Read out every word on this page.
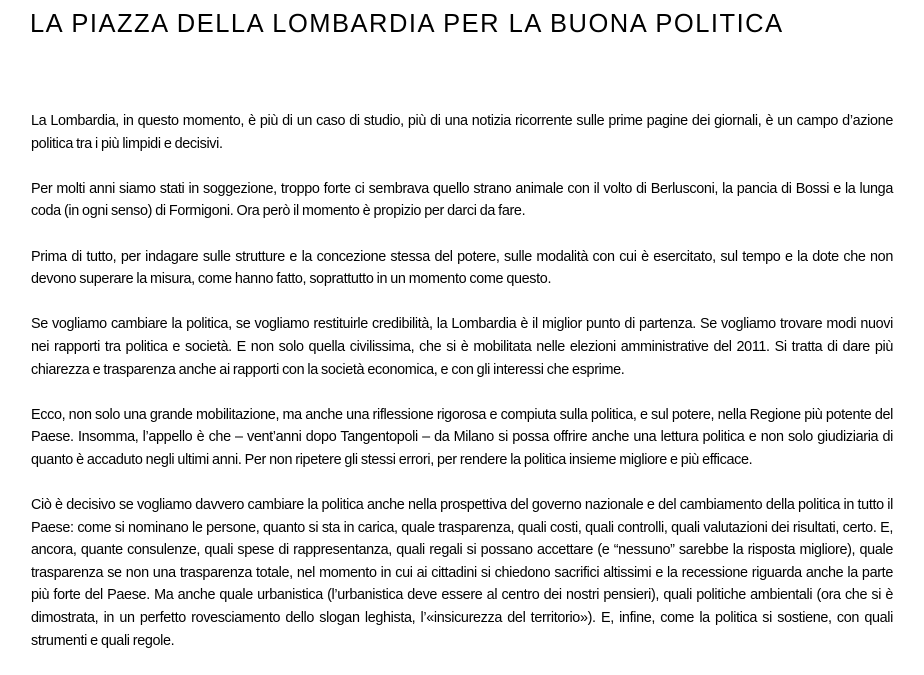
LA PIAZZA DELLA LOMBARDIA PER LA BUONA POLITICA

La Lombardia, in questo momento, è più di un caso di studio, più di una notizia ricorrente sulle prime pagine dei giornali, è un campo d’azione politica tra i più limpidi e decisivi.

Per molti anni siamo stati in soggezione, troppo forte ci sembrava quello strano animale con il volto di Berlusconi, la pancia di Bossi e la lunga coda (in ogni senso) di Formigoni. Ora però il momento è propizio per darci da fare.

Prima di tutto, per indagare sulle strutture e la concezione stessa del potere, sulle modalità con cui è esercitato, sul tempo e la dote che non devono superare la misura, come hanno fatto, soprattutto in un momento come questo.

Se vogliamo cambiare la politica, se vogliamo restituirle credibilità, la Lombardia è il miglior punto di partenza. Se vogliamo trovare modi nuovi nei rapporti tra politica e società. E non solo quella civilissima, che si è mobilitata nelle elezioni amministrative del 2011. Si tratta di dare più chiarezza e trasparenza anche ai rapporti con la società economica, e con gli interessi che esprime.

Ecco, non solo una grande mobilitazione, ma anche una riflessione rigorosa e compiuta sulla politica, e sul potere, nella Regione più potente del Paese. Insomma, l’appello è che – vent’anni dopo Tangentopoli – da Milano si possa offrire anche una lettura politica e non solo giudiziaria di quanto è accaduto negli ultimi anni. Per non ripetere gli stessi errori, per rendere la politica insieme migliore e più efficace.

Ciò è decisivo se vogliamo davvero cambiare la politica anche nella prospettiva del governo nazionale e del cambiamento della politica in tutto il Paese: come si nominano le persone, quanto si sta in carica, quale trasparenza, quali costi, quali controlli, quali valutazioni dei risultati, certo. E, ancora, quante consulenze, quali spese di rappresentanza, quali regali si possano accettare (e “nessuno” sarebbe la risposta migliore), quale trasparenza se non una trasparenza totale, nel momento in cui ai cittadini si chiedono sacrifici altissimi e la recessione riguarda anche la parte più forte del Paese. Ma anche quale urbanistica (l’urbanistica deve essere al centro dei nostri pensieri), quali politiche ambientali (ora che si è dimostrata, in un perfetto rovesciamento dello slogan leghista, l’«insicurezza del territorio»). E, infine, come la politica si sostiene, con quali strumenti e quali regole.
